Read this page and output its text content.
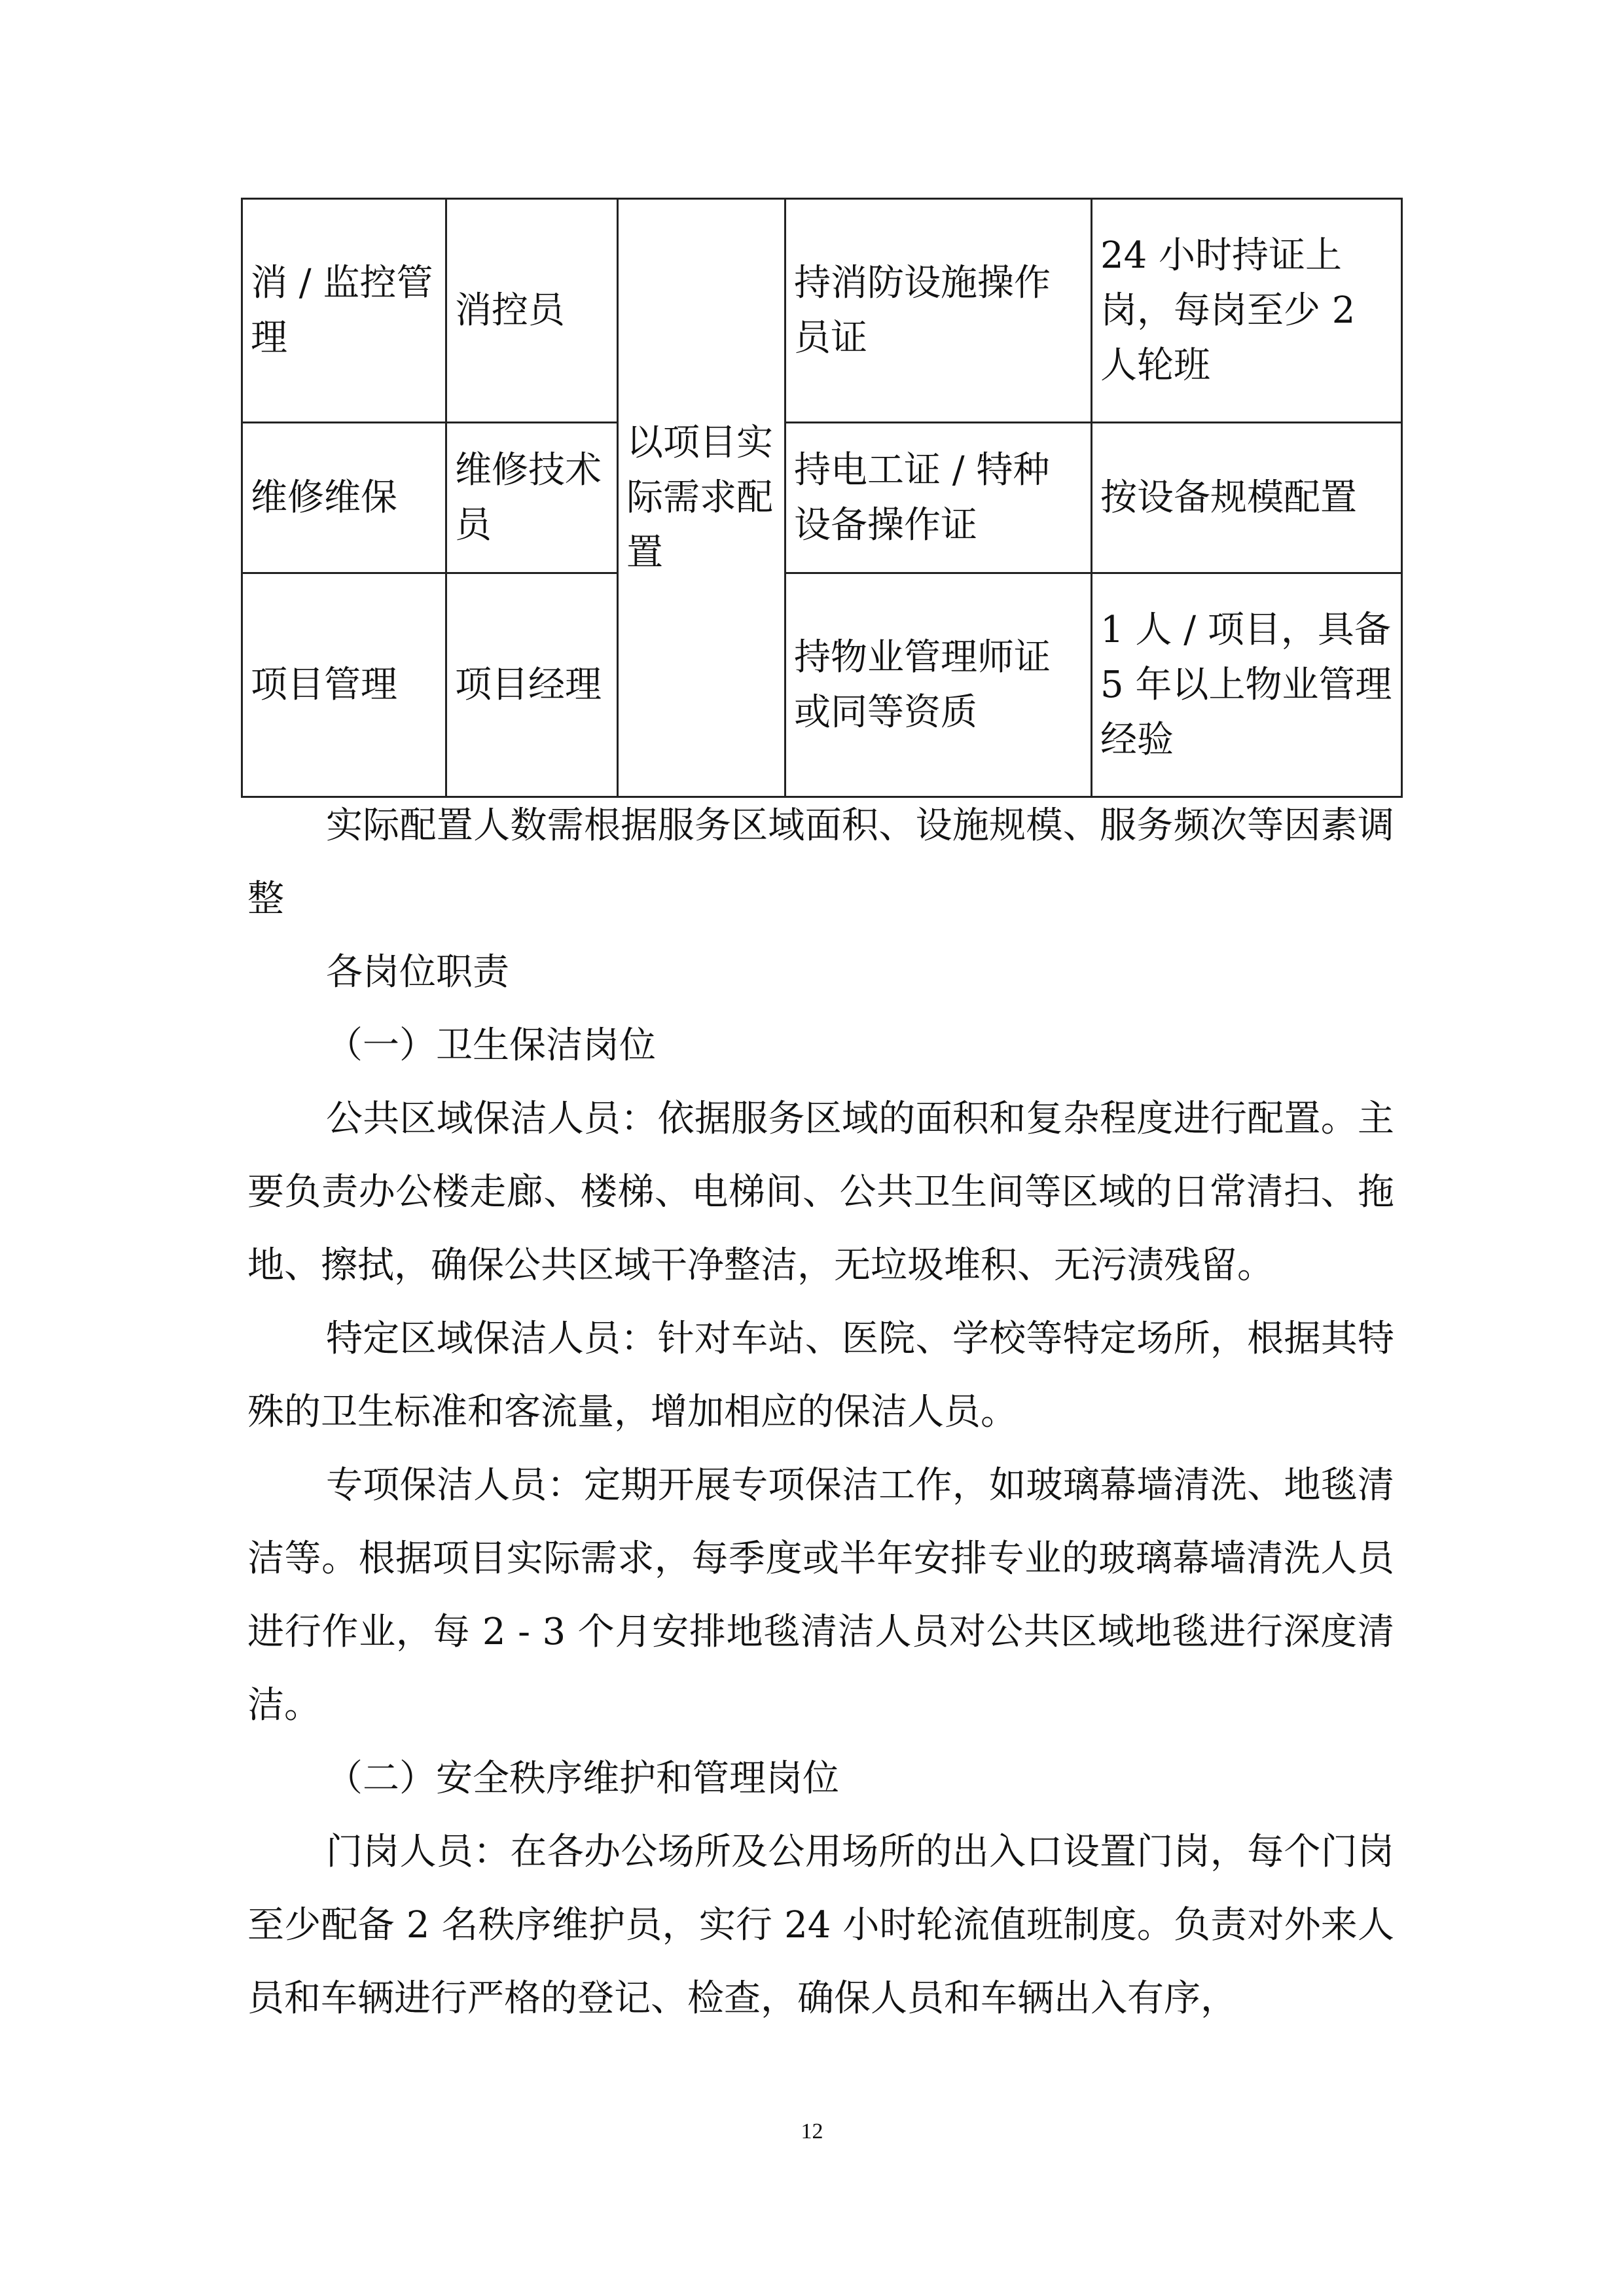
消 / 监控管理	消控员	以项目实际需求配置	持消防设施操作员证	24 小时持证上岗，每岗至少 2 人轮班
维修维保	维修技术员		持电工证 / 特种设备操作证	按设备规模配置
项目管理	项目经理		持物业管理师证或同等资质	1 人 / 项目，具备 5 年以上物业管理经验

实际配置人数需根据服务区域面积、设施规模、服务频次等因素调整

各岗位职责

（一）卫生保洁岗位

公共区域保洁人员：依据服务区域的面积和复杂程度进行配置。主要负责办公楼走廊、楼梯、电梯间、公共卫生间等区域的日常清扫、拖地、擦拭，确保公共区域干净整洁，无垃圾堆积、无污渍残留。

特定区域保洁人员：针对车站、医院、学校等特定场所，根据其特殊的卫生标准和客流量，增加相应的保洁人员。

专项保洁人员：定期开展专项保洁工作，如玻璃幕墙清洗、地毯清洁等。根据项目实际需求，每季度或半年安排专业的玻璃幕墙清洗人员进行作业，每 2 - 3 个月安排地毯清洁人员对公共区域地毯进行深度清洁。

（二）安全秩序维护和管理岗位

门岗人员：在各办公场所及公用场所的出入口设置门岗，每个门岗至少配备 2 名秩序维护员，实行 24 小时轮流值班制度。负责对外来人员和车辆进行严格的登记、检查，确保人员和车辆出入有序，

12
